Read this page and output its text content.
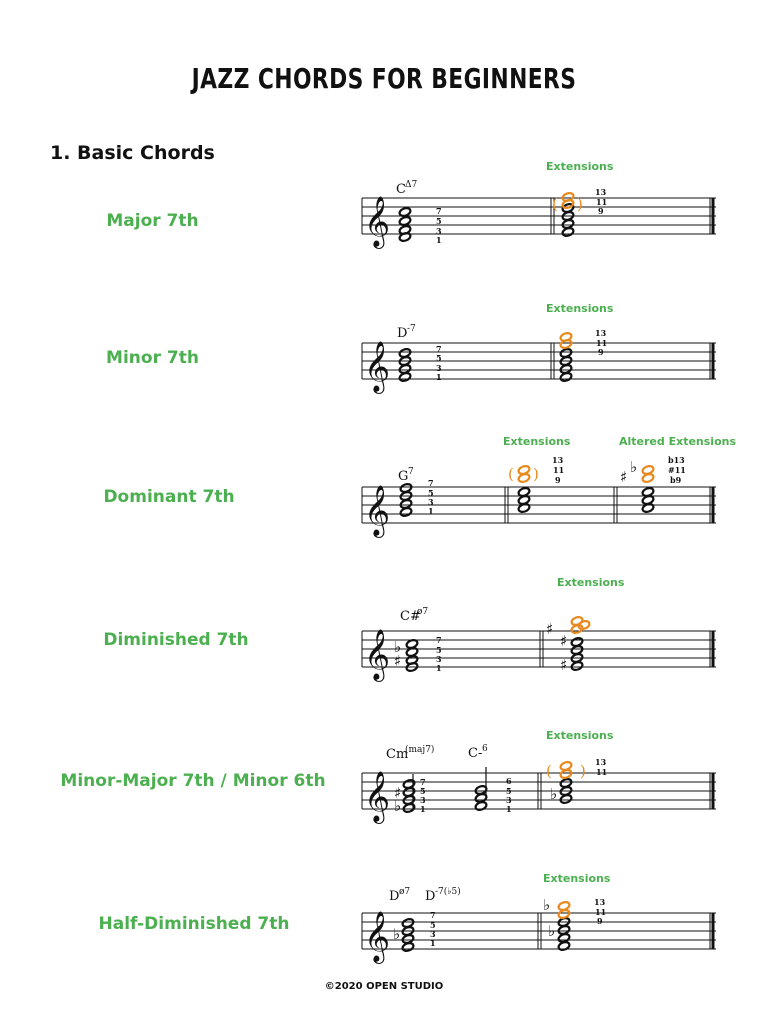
JAZZ CHORDS FOR BEGINNERS
1. Basic Chords
Major 7th
Minor 7th
Dominant 7th
Diminished 7th
Minor-Major 7th / Minor 6th
Half-Diminished 7th
𝄞
C Δ7
( )
7
5
3
1
Extensions
13
11
9
𝄞
D -7
7
5
3
1
Extensions
13
11
9
𝄞
G 7	( )	♯
♭
7
5
3
1
Extensions	Altered Extensions
13
11
9
b13
#11
b9
𝄞
C#
ø7
♭
♯
♯
♯
♯
7
5
3
1
Extensions
𝄞
Cm
(maj7)	C- 6
( )
♯
♭
♭
7
5
3
1
6
5
3
1
Extensions
13
11
𝄞
D ø7 D -7(♭5)
♭
♭
♭
7
5
3
1
Extensions
13
11
9
©2020 OPEN STUDIO
